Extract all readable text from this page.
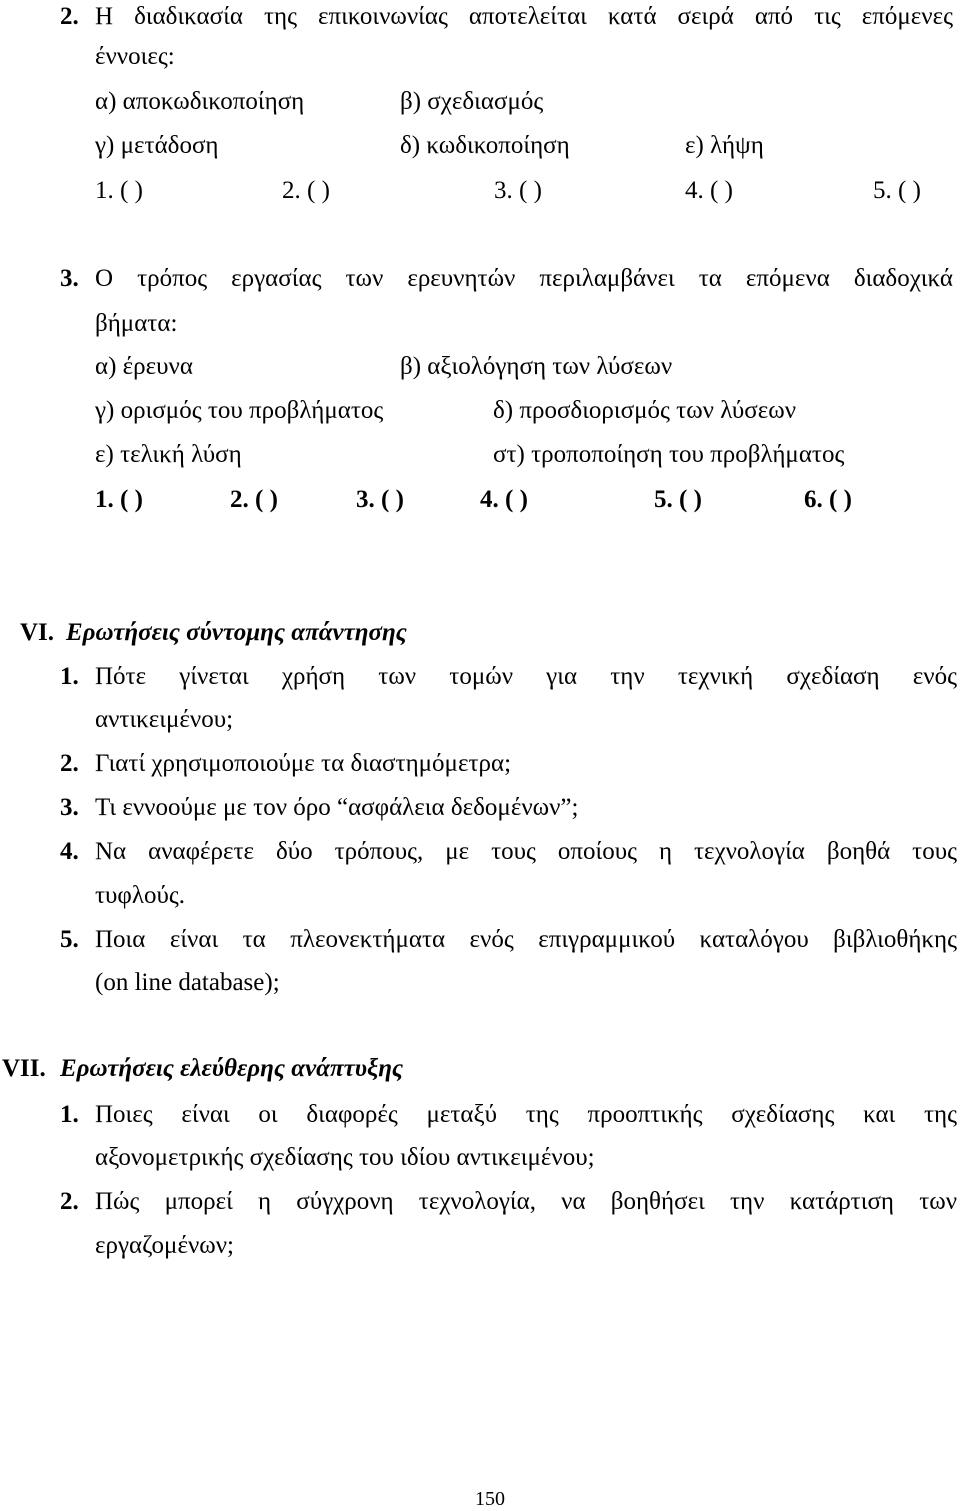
2. Η διαδικασία της επικοινωνίας αποτελείται κατά σειρά από τις επόμενες
έννοιες:
α) αποκωδικοποίηση	β) σχεδιασμός
γ) μετάδοση	δ) κωδικοποίηση	ε) λήψη
1. ( )	2. ( )	3. ( )	4. ( )	5. ( )
3. Ο τρόπος εργασίας των ερευνητών περιλαμβάνει τα επόμενα διαδοχικά
βήματα:
α) έρευνα	β) αξιολόγηση των λύσεων
γ) ορισμός του προβλήματος	δ) προσδιορισμός των λύσεων
ε) τελική λύση	στ) τροποποίηση του προβλήματος
1. ( )	2. ( )	3. ( )	4. ( )	5. ( )	6. ( )
VI. Ερωτήσεις σύντομης απάντησης
1. Πότε γίνεται χρήση των τομών για την τεχνική σχεδίαση ενός
αντικειμένου;
2. Γιατί χρησιμοποιούμε τα διαστημόμετρα;
3. Τι εννοούμε με τον όρο “ασφάλεια δεδομένων”;
4. Να αναφέρετε δύο τρόπους, με τους οποίους η τεχνολογία βοηθά τους
τυφλούς.
5. Ποια είναι τα πλεονεκτήματα ενός επιγραμμικού καταλόγου βιβλιοθήκης
(on line database);
VII. Ερωτήσεις ελεύθερης ανάπτυξης
1. Ποιες είναι οι διαφορές μεταξύ της προοπτικής σχεδίασης και της
αξονομετρικής σχεδίασης του ιδίου αντικειμένου;
2. Πώς μπορεί η σύγχρονη τεχνολογία, να βοηθήσει την κατάρτιση των
εργαζομένων;
150
